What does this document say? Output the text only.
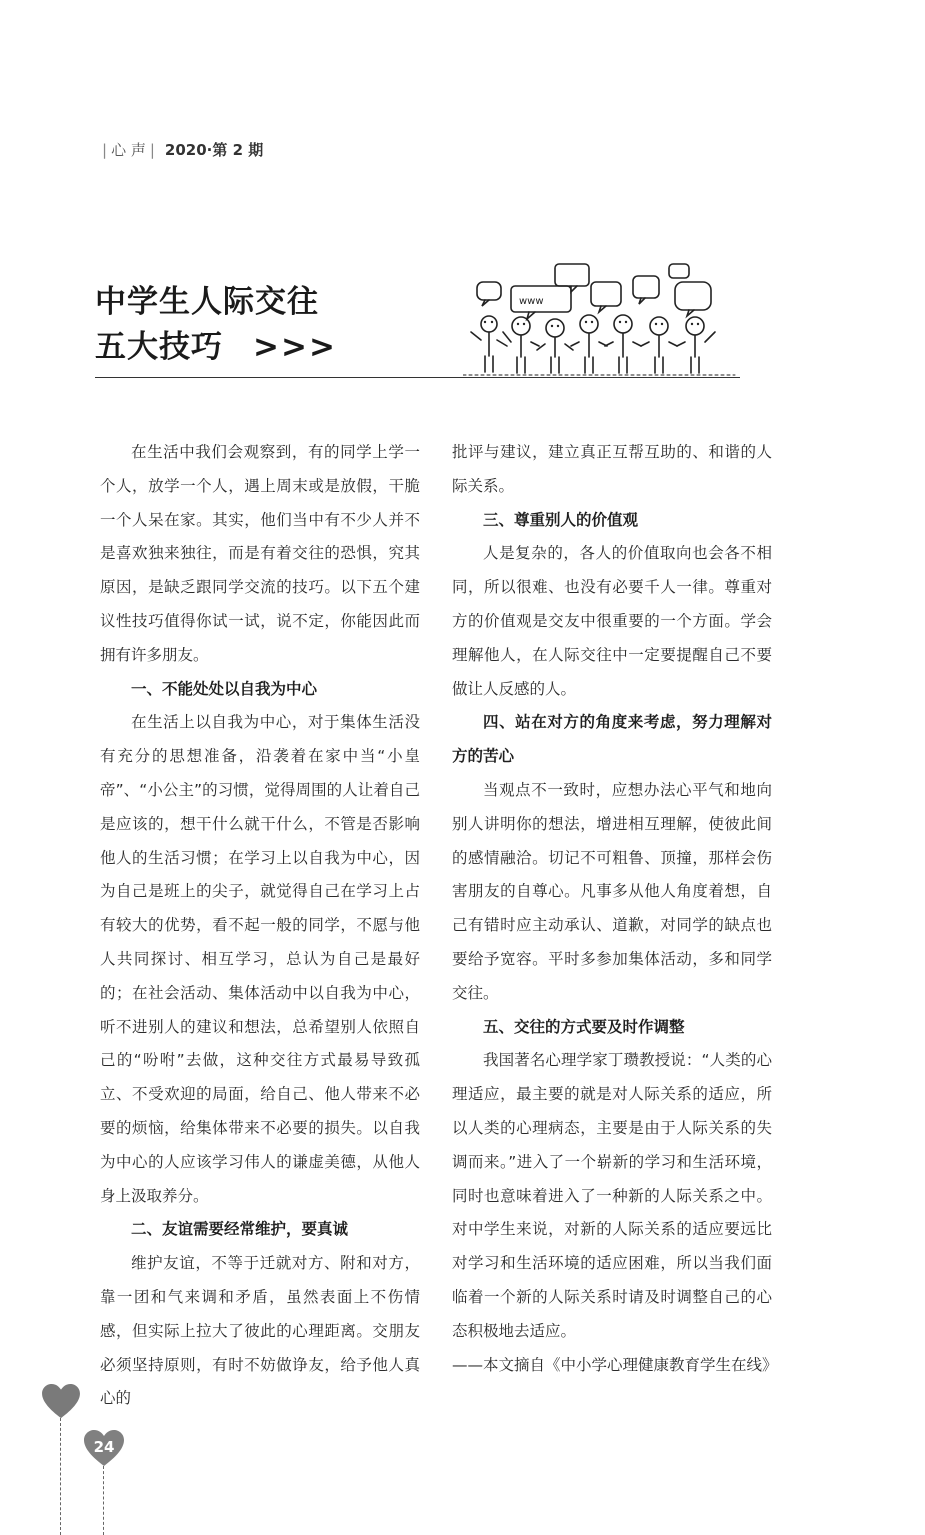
| 心 声 | 2020·第 2 期
中学生人际交往
五大技巧 >>>
www

在生活中我们会观察到，有的同学上学一个人，放学一个人，遇上周末或是放假，干脆一个人呆在家。其实，他们当中有不少人并不是喜欢独来独往，而是有着交往的恐惧，究其原因，是缺乏跟同学交流的技巧。以下五个建议性技巧值得你试一试，说不定，你能因此而拥有许多朋友。

一、不能处处以自我为中心

在生活上以自我为中心，对于集体生活没有充分的思想准备，沿袭着在家中当“小皇帝”、“小公主”的习惯，觉得周围的人让着自己是应该的，想干什么就干什么，不管是否影响他人的生活习惯；在学习上以自我为中心，因为自己是班上的尖子，就觉得自己在学习上占有较大的优势，看不起一般的同学，不愿与他人共同探讨、相互学习，总认为自己是最好的；在社会活动、集体活动中以自我为中心，听不进别人的建议和想法，总希望别人依照自己的“吩咐”去做，这种交往方式最易导致孤立、不受欢迎的局面，给自己、他人带来不必要的烦恼，给集体带来不必要的损失。以自我为中心的人应该学习伟人的谦虚美德，从他人身上汲取养分。

二、友谊需要经常维护，要真诚

维护友谊，不等于迁就对方、附和对方，靠一团和气来调和矛盾，虽然表面上不伤情感，但实际上拉大了彼此的心理距离。交朋友必须坚持原则，有时不妨做诤友，给予他人真心的

批评与建议，建立真正互帮互助的、和谐的人际关系。

三、尊重别人的价值观

人是复杂的，各人的价值取向也会各不相同，所以很难、也没有必要千人一律。尊重对方的价值观是交友中很重要的一个方面。学会理解他人，在人际交往中一定要提醒自己不要做让人反感的人。

四、站在对方的角度来考虑，努力理解对方的苦心

当观点不一致时，应想办法心平气和地向别人讲明你的想法，增进相互理解，使彼此间的感情融洽。切记不可粗鲁、顶撞，那样会伤害朋友的自尊心。凡事多从他人角度着想，自己有错时应主动承认、道歉，对同学的缺点也要给予宽容。平时多参加集体活动，多和同学交往。

五、交往的方式要及时作调整

我国著名心理学家丁瓒教授说：“人类的心理适应，最主要的就是对人际关系的适应，所以人类的心理病态，主要是由于人际关系的失调而来。”进入了一个崭新的学习和生活环境，同时也意味着进入了一种新的人际关系之中。对中学生来说，对新的人际关系的适应要远比对学习和生活环境的适应困难，所以当我们面临着一个新的人际关系时请及时调整自己的心态积极地去适应。

——本文摘自《中小学心理健康教育学生在线》

24
